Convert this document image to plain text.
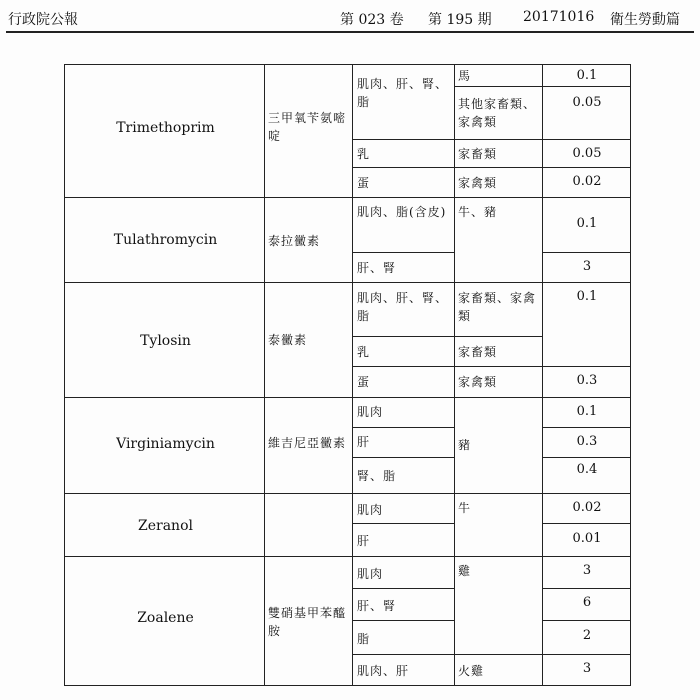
行政院公報	第 023 卷 第 195 期 20171016 衛生勞動篇
Trimethoprim
Tulathromycin
Tylosin
Virginiamycin
Zeranol
Zoalene
三甲氧苄氨嘧啶
泰拉黴素
泰黴素
維吉尼亞黴素
雙硝基甲苯醯胺
肌肉、肝、腎、脂
乳
蛋
肌肉、脂(含皮)
肝、腎
肌肉、肝、腎、脂
乳
蛋
肌肉
肝
腎、脂
肌肉
肝
肌肉
肝、腎
脂
肌肉、肝
馬
其他家畜類、家禽類
家畜類
家禽類
牛、豬
家畜類、家禽類
家畜類
家禽類
豬
牛
雞
火雞
0.1
0.05
0.05
0.02
0.1
3
0.1
0.3
0.1
0.3
0.4
0.02
0.01
3
6
2
3
